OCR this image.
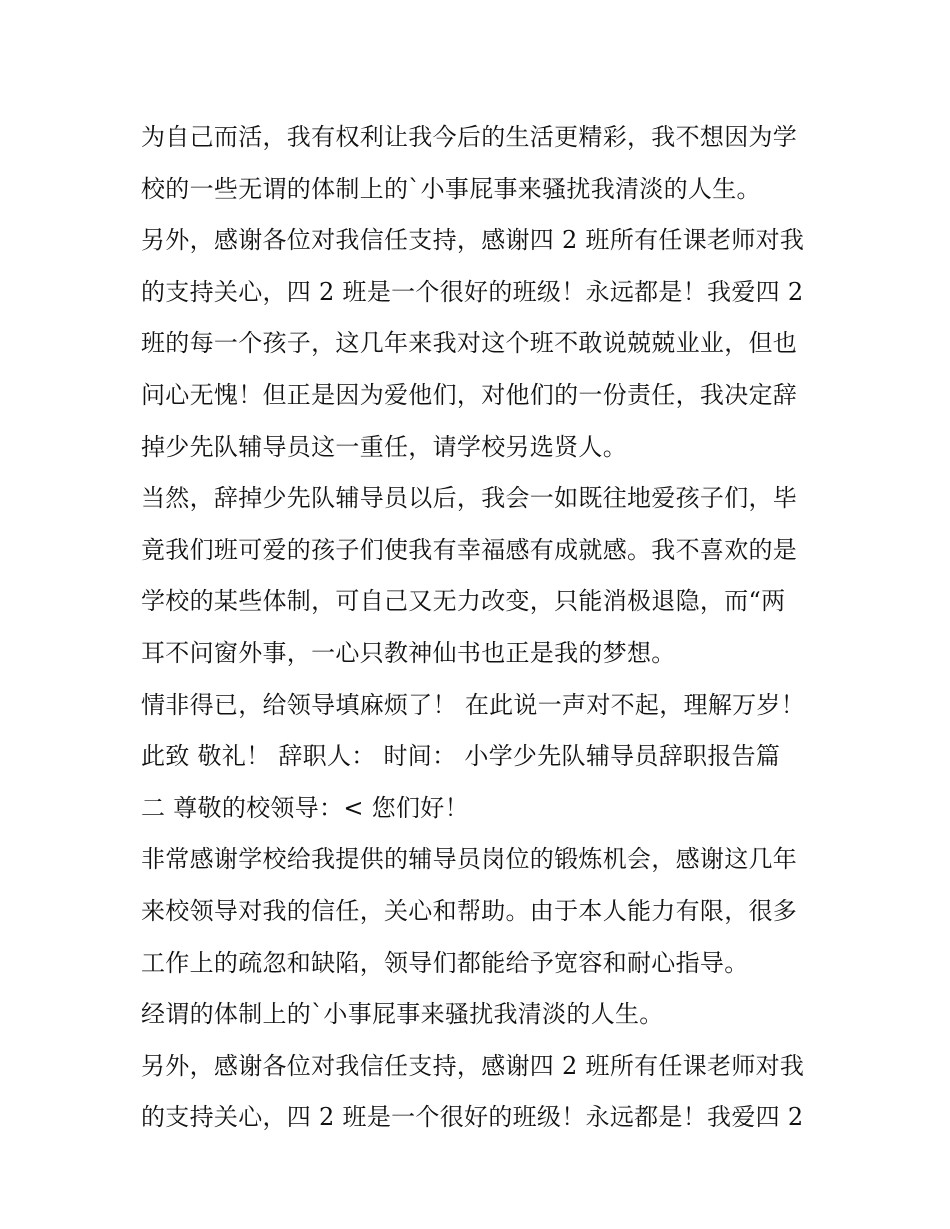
为自己而活，我有权利让我今后的生活更精彩，我不想因为学
校的一些无谓的体制上的`小事屁事来骚扰我清淡的人生。
另外，感谢各位对我信任支持，感谢四 2 班所有任课老师对我
的支持关心，四 2 班是一个很好的班级！永远都是！我爱四 2
班的每一个孩子，这几年来我对这个班不敢说兢兢业业，但也
问心无愧！但正是因为爱他们，对他们的一份责任，我决定辞
掉少先队辅导员这一重任，请学校另选贤人。
当然，辞掉少先队辅导员以后，我会一如既往地爱孩子们，毕
竟我们班可爱的孩子们使我有幸福感有成就感。我不喜欢的是
学校的某些体制，可自己又无力改变，只能消极退隐，而“两
耳不问窗外事，一心只教神仙书也正是我的梦想。
情非得已，给领导填麻烦了！ 在此说一声对不起，理解万岁！
此致 敬礼！ 辞职人： 时间： 小学少先队辅导员辞职报告篇
二 尊敬的校领导：< 您们好！
非常感谢学校给我提供的辅导员岗位的锻炼机会，感谢这几年
来校领导对我的信任，关心和帮助。由于本人能力有限，很多
工作上的疏忽和缺陷，领导们都能给予宽容和耐心指导。
经谓的体制上的`小事屁事来骚扰我清淡的人生。
另外，感谢各位对我信任支持，感谢四 2 班所有任课老师对我
的支持关心，四 2 班是一个很好的班级！永远都是！我爱四 2
